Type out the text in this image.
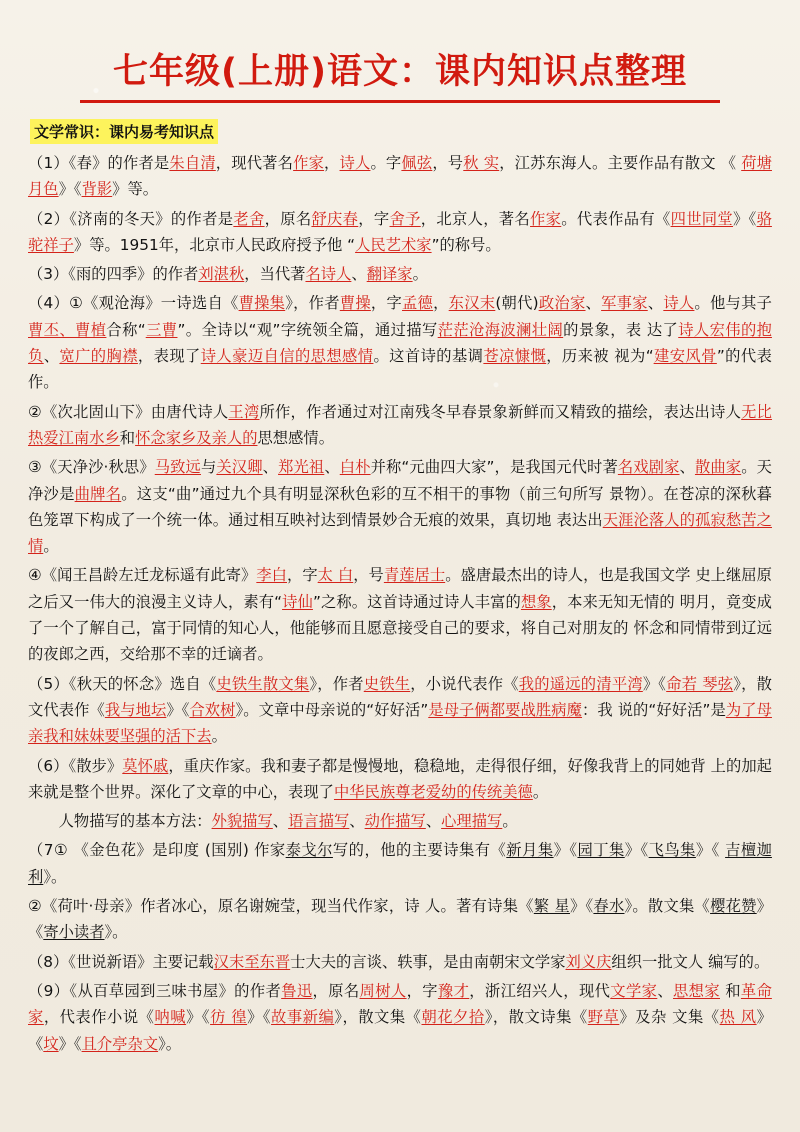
七年级(上册)语文：课内知识点整理
文学常识：课内易考知识点

（1）《春》的作者是朱自清，现代著名作家，诗人。字佩弦，号秋 实，江苏东海人。主要作品有散文 《 荷塘月色》《背影》等。

（2）《济南的冬天》的作者是老舍，原名舒庆春，字舍予，北京人，著名作家。代表作品有《四世同堂》《骆驼祥子》等。1951年，北京市人民政府授予他 “人民艺术家”的称号。

（3）《雨的四季》的作者刘湛秋，当代著名诗人、翻译家。

（4）①《观沧海》一诗选自《曹操集》，作者曹操，字孟德，东汉末(朝代)政治家、军事家、诗人。他与其子曹丕、曹植合称“三曹”。全诗以“观”字统领全篇，通过描写茫茫沧海波澜壮阔的景象，表 达了诗人宏伟的抱负、宽广的胸襟，表现了诗人豪迈自信的思想感情。这首诗的基调苍凉慷慨，历来被 视为“建安风骨”的代表作。

②《次北固山下》由唐代诗人王湾所作，作者通过对江南残冬早春景象新鲜而又精致的描绘，表达出诗人无比热爱江南水乡和怀念家乡及亲人的思想感情。

③《天净沙·秋思》马致远与关汉卿、郑光祖、白朴并称“元曲四大家”，是我国元代时著名戏剧家、散曲家。天净沙是曲牌名。这支“曲”通过九个具有明显深秋色彩的互不相干的事物（前三句所写 景物）。在苍凉的深秋暮色笼罩下构成了一个统一体。通过相互映衬达到情景妙合无痕的效果，真切地 表达出天涯沦落人的孤寂愁苦之情。

④《闻王昌龄左迁龙标遥有此寄》李白，字太 白，号青莲居士。盛唐最杰出的诗人，也是我国文学 史上继屈原之后又一伟大的浪漫主义诗人，素有“诗仙”之称。这首诗通过诗人丰富的想象，本来无知无情的 明月，竟变成了一个了解自己，富于同情的知心人，他能够而且愿意接受自己的要求，将自己对朋友的 怀念和同情带到辽远的夜郎之西，交给那不幸的迁谪者。

（5）《秋天的怀念》选自《史铁生散文集》，作者史铁生，小说代表作《我的遥远的清平湾》《命若 琴弦》，散文代表作《我与地坛》《合欢树》。文章中母亲说的“好好活”是母子俩都要战胜病魔：我 说的“好好活”是为了母亲我和妹妹要坚强的活下去。

（6）《散步》莫怀戚，重庆作家。我和妻子都是慢慢地，稳稳地，走得很仔细，好像我背上的同她背 上的加起来就是整个世界。深化了文章的中心，表现了中华民族尊老爱幼的传统美德。

人物描写的基本方法：外貌描写、语言描写、动作描写、心理描写。

（7① 《金色花》是印度 (国别) 作家泰戈尔写的，他的主要诗集有《新月集》《园丁集》《飞鸟集》《 吉檀迦利》。

②《荷叶·母亲》作者冰心，原名谢婉莹，现当代作家，诗 人。著有诗集《繁 星》《春水》。散文集《樱花赞》《寄小读者》。

（8）《世说新语》主要记载汉末至东晋士大夫的言谈、轶事，是由南朝宋文学家刘义庆组织一批文人 编写的。

（9）《从百草园到三味书屋》的作者鲁迅，原名周树人，字豫才，浙江绍兴人，现代文学家、思想家 和革命家，代表作小说《呐喊》《彷 徨》《故事新编》，散文集《朝花夕拾》，散文诗集《野草》及杂 文集《热 风》《坟》《且介亭杂文》。
